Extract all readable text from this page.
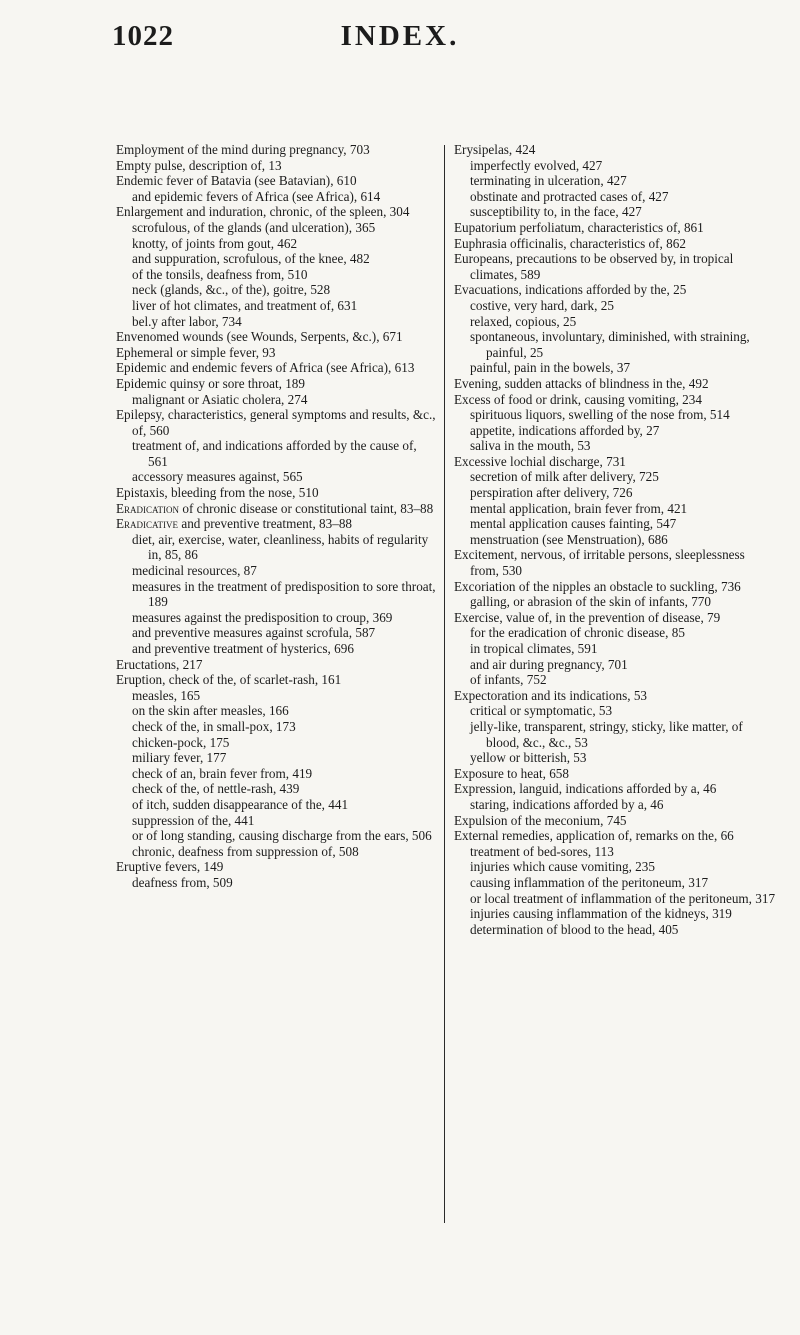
1022	INDEX.
Employment of the mind during pregnancy, 703
Empty pulse, description of, 13
Endemic fever of Batavia (see Batavian), 610
and epidemic fevers of Africa (see Africa), 614
Enlargement and induration, chronic, of the spleen, 304
scrofulous, of the glands (and ulceration), 365
knotty, of joints from gout, 462
and suppuration, scrofulous, of the knee, 482
of the tonsils, deafness from, 510
neck (glands, &c., of the), goitre, 528
liver of hot climates, and treatment of, 631
bel.y after labor, 734
Envenomed wounds (see Wounds, Serpents, &c.), 671
Ephemeral or simple fever, 93
Epidemic and endemic fevers of Africa (see Africa), 613
Epidemic quinsy or sore throat, 189
malignant or Asiatic cholera, 274
Epilepsy, characteristics, general symptoms and results, &c., of, 560
treatment of, and indications afforded by the cause of, 561
accessory measures against, 565
Epistaxis, bleeding from the nose, 510
Eradication of chronic disease or constitutional taint, 83–88
Eradicative and preventive treatment, 83–88
diet, air, exercise, water, cleanliness, habits of regularity in, 85, 86
medicinal resources, 87
measures in the treatment of predisposition to sore throat, 189
measures against the predisposition to croup, 369
and preventive measures against scrofula, 587
and preventive treatment of hysterics, 696
Eructations, 217
Eruption, check of the, of scarlet-rash, 161
measles, 165
on the skin after measles, 166
check of the, in small-pox, 173
chicken-pock, 175
miliary fever, 177
check of an, brain fever from, 419
check of the, of nettle-rash, 439
of itch, sudden disappearance of the, 441
suppression of the, 441
or of long standing, causing discharge from the ears, 506
chronic, deafness from suppression of, 508
Eruptive fevers, 149
deafness from, 509
Erysipelas, 424
imperfectly evolved, 427
terminating in ulceration, 427
obstinate and protracted cases of, 427
susceptibility to, in the face, 427
Eupatorium perfoliatum, characteristics of, 861
Euphrasia officinalis, characteristics of, 862
Europeans, precautions to be observed by, in tropical climates, 589
Evacuations, indications afforded by the, 25
costive, very hard, dark, 25
relaxed, copious, 25
spontaneous, involuntary, diminished, with straining, painful, 25
painful, pain in the bowels, 37
Evening, sudden attacks of blindness in the, 492
Excess of food or drink, causing vomiting, 234
spirituous liquors, swelling of the nose from, 514
appetite, indications afforded by, 27
saliva in the mouth, 53
Excessive lochial discharge, 731
secretion of milk after delivery, 725
perspiration after delivery, 726
mental application, brain fever from, 421
mental application causes fainting, 547
menstruation (see Menstruation), 686
Excitement, nervous, of irritable persons, sleeplessness from, 530
Excoriation of the nipples an obstacle to suckling, 736
galling, or abrasion of the skin of infants, 770
Exercise, value of, in the prevention of disease, 79
for the eradication of chronic disease, 85
in tropical climates, 591
and air during pregnancy, 701
of infants, 752
Expectoration and its indications, 53
critical or symptomatic, 53
jelly-like, transparent, stringy, sticky, like matter, of blood, &c., &c., 53
yellow or bitterish, 53
Exposure to heat, 658
Expression, languid, indications afforded by a, 46
staring, indications afforded by a, 46
Expulsion of the meconium, 745
External remedies, application of, remarks on the, 66
treatment of bed-sores, 113
injuries which cause vomiting, 235
causing inflammation of the peritoneum, 317
or local treatment of inflammation of the peritoneum, 317
injuries causing inflammation of the kidneys, 319
determination of blood to the head, 405
